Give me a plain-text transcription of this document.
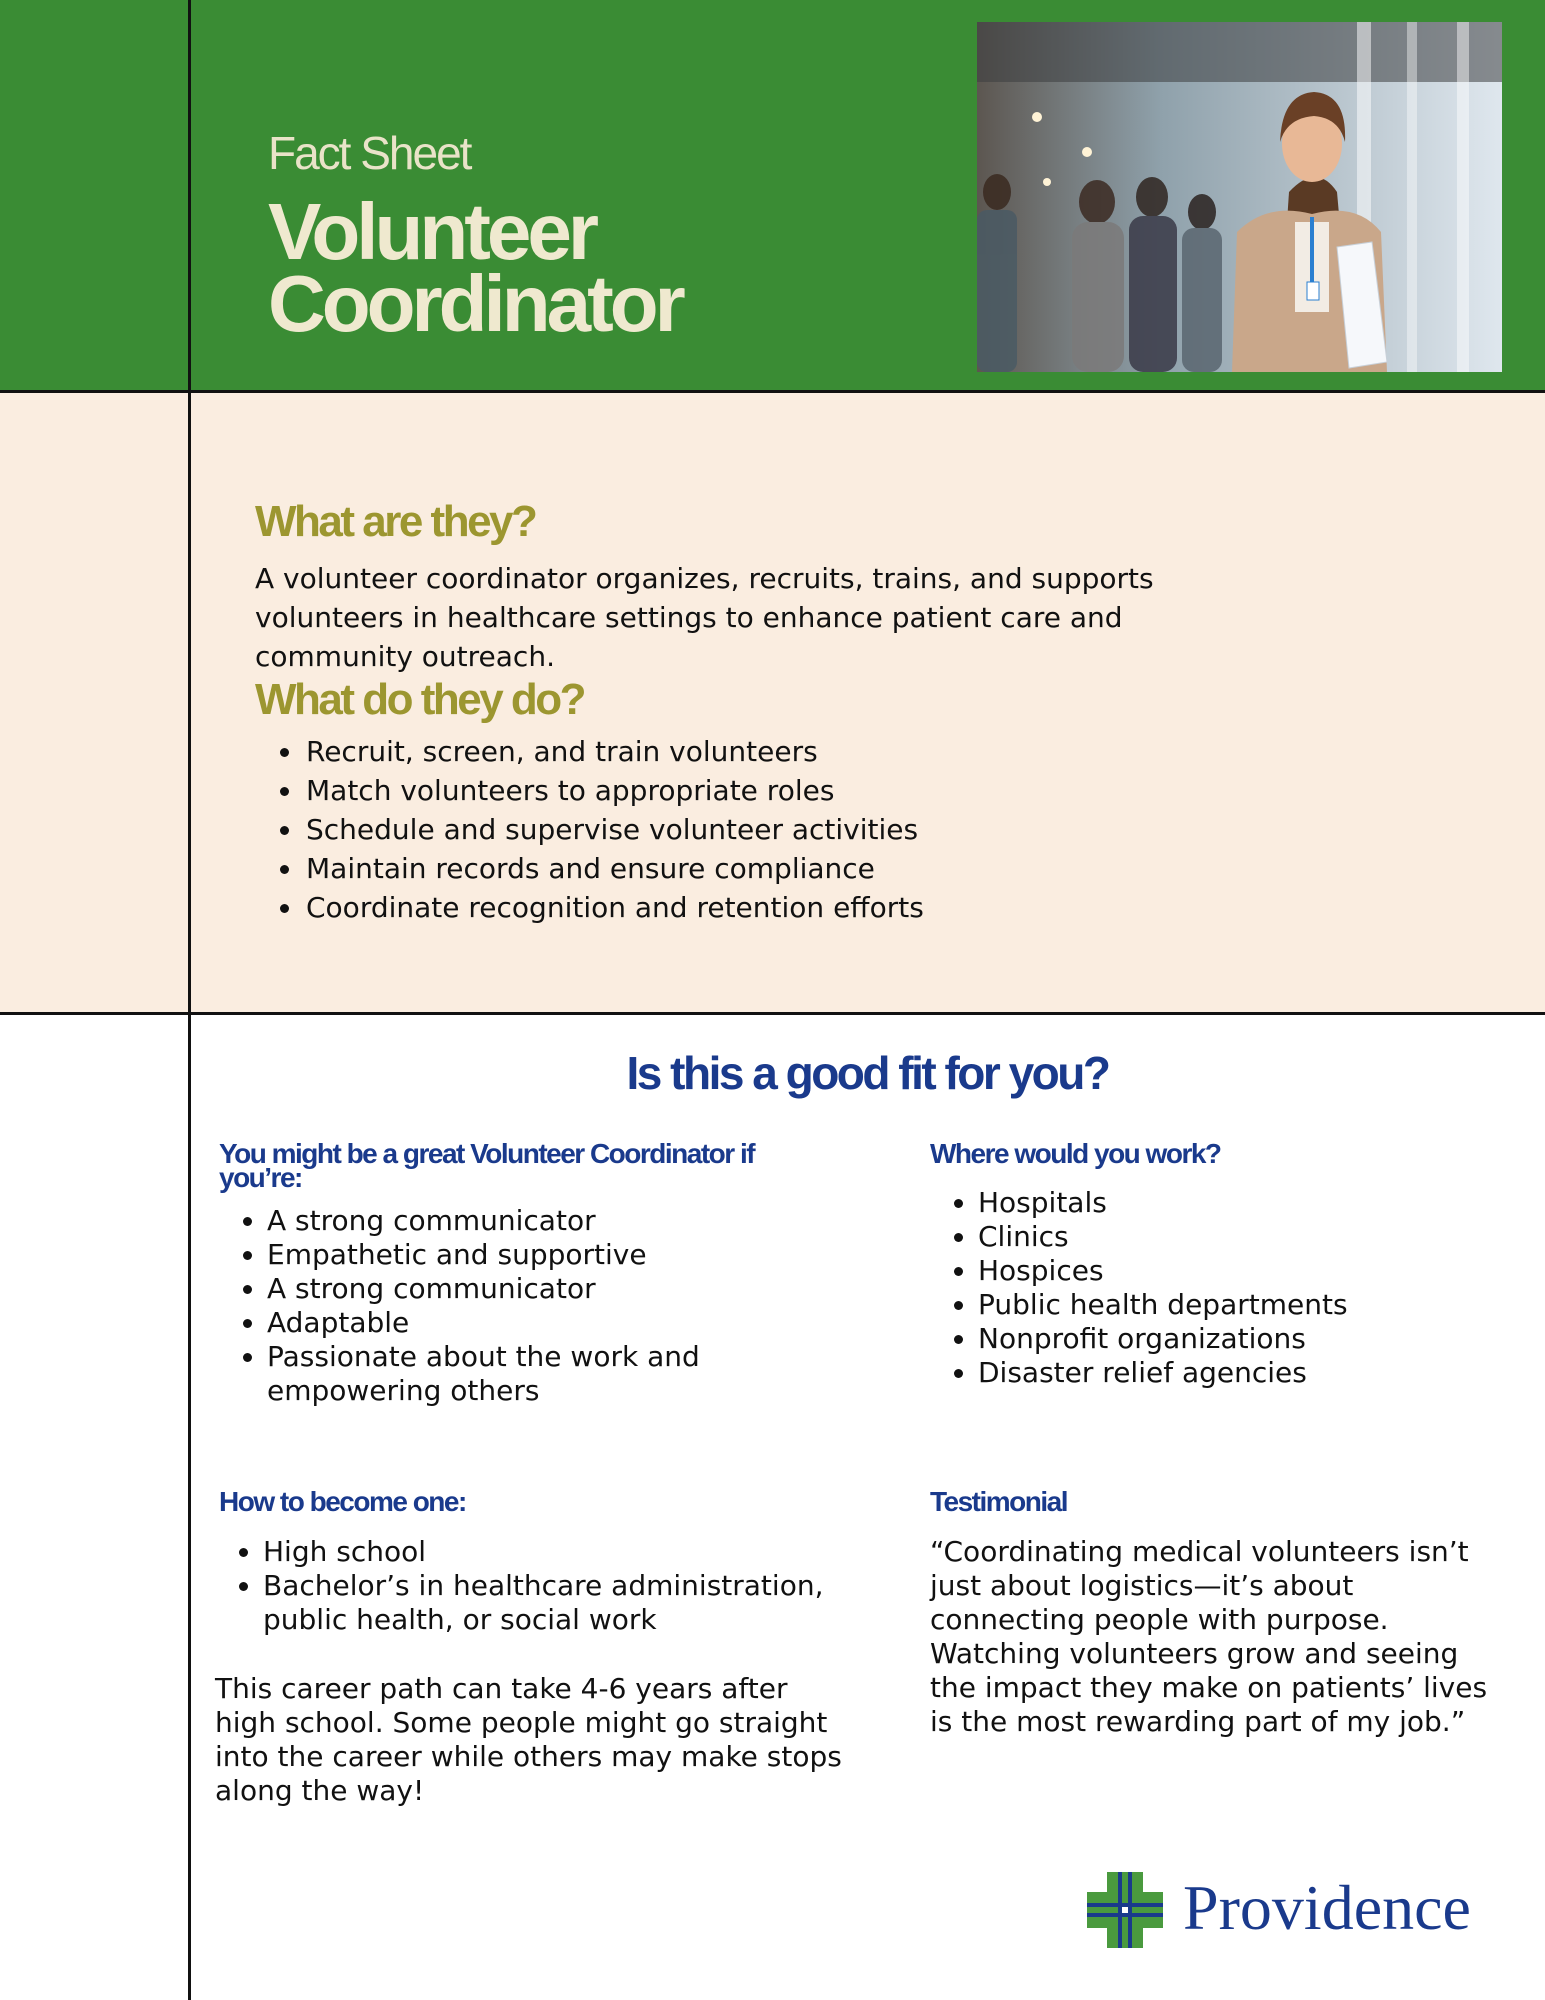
Fact Sheet
Volunteer
Coordinator
What are they?
A volunteer coordinator organizes, recruits, trains, and supports volunteers in healthcare settings to enhance patient care and community outreach.
What do they do?
• Recruit, screen, and train volunteers
• Match volunteers to appropriate roles
• Schedule and supervise volunteer activities
• Maintain records and ensure compliance
• Coordinate recognition and retention efforts
Is this a good fit for you?
You might be a great Volunteer Coordinator if you’re:
• A strong communicator
• Empathetic and supportive
• A strong communicator
• Adaptable
• Passionate about the work and empowering others
Where would you work?
• Hospitals
• Clinics
• Hospices
• Public health departments
• Nonprofit organizations
• Disaster relief agencies
How to become one:
• High school
• Bachelor’s in healthcare administration, public health, or social work
This career path can take 4-6 years after high school. Some people might go straight into the career while others may make stops along the way!
Testimonial
“Coordinating medical volunteers isn’t just about logistics—it’s about connecting people with purpose. Watching volunteers grow and seeing the impact they make on patients’ lives is the most rewarding part of my job.”
Providence
